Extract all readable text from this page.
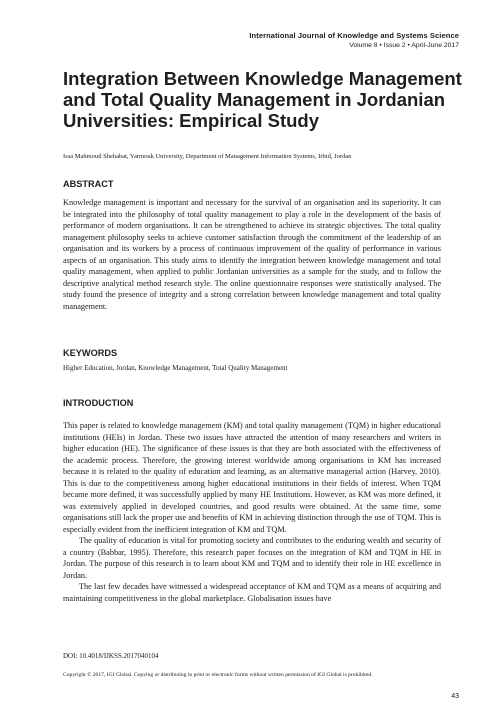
International Journal of Knowledge and Systems Science
Volume 8 • Issue 2 • April-June 2017
Integration Between Knowledge Management and Total Quality Management in Jordanian Universities: Empirical Study
Issa Mahmoud Shehabat, Yarmouk University, Department of Management Information Systems, Irbid, Jordan
ABSTRACT

Knowledge management is important and necessary for the survival of an organisation and its superiority. It can be integrated into the philosophy of total quality management to play a role in the development of the basis of performance of modern organisations. It can be strengthened to achieve its strategic objectives. The total quality management philosophy seeks to achieve customer satisfaction through the commitment of the leadership of an organisation and its workers by a process of continuous improvement of the quality of performance in various aspects of an organisation. This study aims to identify the integration between knowledge management and total quality management, when applied to public Jordanian universities as a sample for the study, and to follow the descriptive analytical method research style. The online questionnaire responses were statistically analysed. The study found the presence of integrity and a strong correlation between knowledge management and total quality management.

KEYWORDS
Higher Education, Jordan, Knowledge Management, Total Quality Management
INTRODUCTION

This paper is related to knowledge management (KM) and total quality management (TQM) in higher educational institutions (HEIs) in Jordan. These two issues have attracted the attention of many researchers and writers in higher education (HE). The significance of these issues is that they are both associated with the effectiveness of the academic process. Therefore, the growing interest worldwide among organisations in KM has increased because it is related to the quality of education and learning, as an alternative managerial action (Harvey, 2010). This is due to the competitiveness among higher educational institutions in their fields of interest. When TQM became more defined, it was successfully applied by many HE Institutions. However, as KM was more defined, it was extensively applied in developed countries, and good results were obtained. At the same time, some organisations still lack the proper use and benefits of KM in achieving distinction through the use of TQM. This is especially evident from the inefficient integration of KM and TQM.

The quality of education is vital for promoting society and contributes to the enduring wealth and security of a country (Babbar, 1995). Therefore, this research paper focuses on the integration of KM and TQM in HE in Jordan. The purpose of this research is to learn about KM and TQM and to identify their role in HE excellence in Jordan.

The last few decades have witnessed a widespread acceptance of KM and TQM as a means of acquiring and maintaining competitiveness in the global marketplace. Globalisation issues have

DOI: 10.4018/IJKSS.2017040104
Copyright © 2017, IGI Global. Copying or distributing in print or electronic forms without written permission of IGI Global is prohibited.
43
